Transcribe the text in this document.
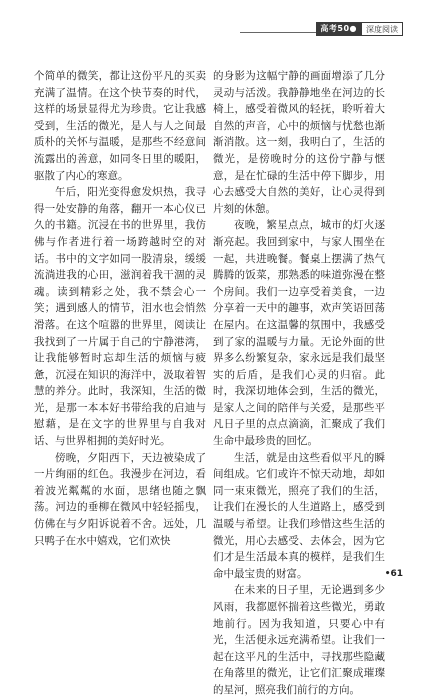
高考50●	深度阅读

个简单的微笑，都让这份平凡的买卖充满了温情。在这个快节奏的时代，这样的场景显得尤为珍贵。它让我感受到，生活的微光，是人与人之间最质朴的关怀与温暖，是那些不经意间流露出的善意，如同冬日里的暖阳，驱散了内心的寒意。

午后，阳光变得愈发炽热，我寻得一处安静的角落，翻开一本心仪已久的书籍。沉浸在书的世界里，我仿佛与作者进行着一场跨越时空的对话。书中的文字如同一股清泉，缓缓流淌进我的心田，滋润着我干涸的灵魂。读到精彩之处，我不禁会心一笑；遇到感人的情节，泪水也会悄然滑落。在这个喧嚣的世界里，阅读让我找到了一片属于自己的宁静港湾，让我能够暂时忘却生活的烦恼与疲惫，沉浸在知识的海洋中，汲取着智慧的养分。此时，我深知，生活的微光，是那一本本好书带给我的启迪与慰藉，是在文字的世界里与自我对话、与世界相拥的美好时光。

傍晚，夕阳西下，天边被染成了一片绚丽的红色。我漫步在河边，看着波光粼粼的水面，思绪也随之飘荡。河边的垂柳在微风中轻轻摇曳，仿佛在与夕阳诉说着不舍。远处，几只鸭子在水中嬉戏，它们欢快

的身影为这幅宁静的画面增添了几分灵动与活泼。我静静地坐在河边的长椅上，感受着微风的轻抚，聆听着大自然的声音，心中的烦恼与忧愁也渐渐消散。这一刻，我明白了，生活的微光，是傍晚时分的这份宁静与惬意，是在忙碌的生活中停下脚步，用心去感受大自然的美好，让心灵得到片刻的休憩。

夜晚，繁星点点，城市的灯火逐渐亮起。我回到家中，与家人围坐在一起，共进晚餐。餐桌上摆满了热气腾腾的饭菜，那熟悉的味道弥漫在整个房间。我们一边享受着美食，一边分享着一天中的趣事，欢声笑语回荡在屋内。在这温馨的氛围中，我感受到了家的温暖与力量。无论外面的世界多么纷繁复杂，家永远是我们最坚实的后盾，是我们心灵的归宿。此时，我深切地体会到，生活的微光，是家人之间的陪伴与关爱，是那些平凡日子里的点点滴滴，汇聚成了我们生命中最珍贵的回忆。

生活，就是由这些看似平凡的瞬间组成。它们或许不惊天动地，却如同一束束微光，照亮了我们的生活，让我们在漫长的人生道路上，感受到温暖与希望。让我们珍惜这些生活的微光，用心去感受、去体会，因为它们才是生活最本真的模样，是我们生命中最宝贵的财富。

在未来的日子里，无论遇到多少风雨，我都愿怀揣着这些微光，勇敢地前行。因为我知道，只要心中有光，生活便永远充满希望。让我们一起在这平凡的生活中，寻找那些隐藏在角落里的微光，让它们汇聚成璀璨的星河，照亮我们前行的方向。

•61
